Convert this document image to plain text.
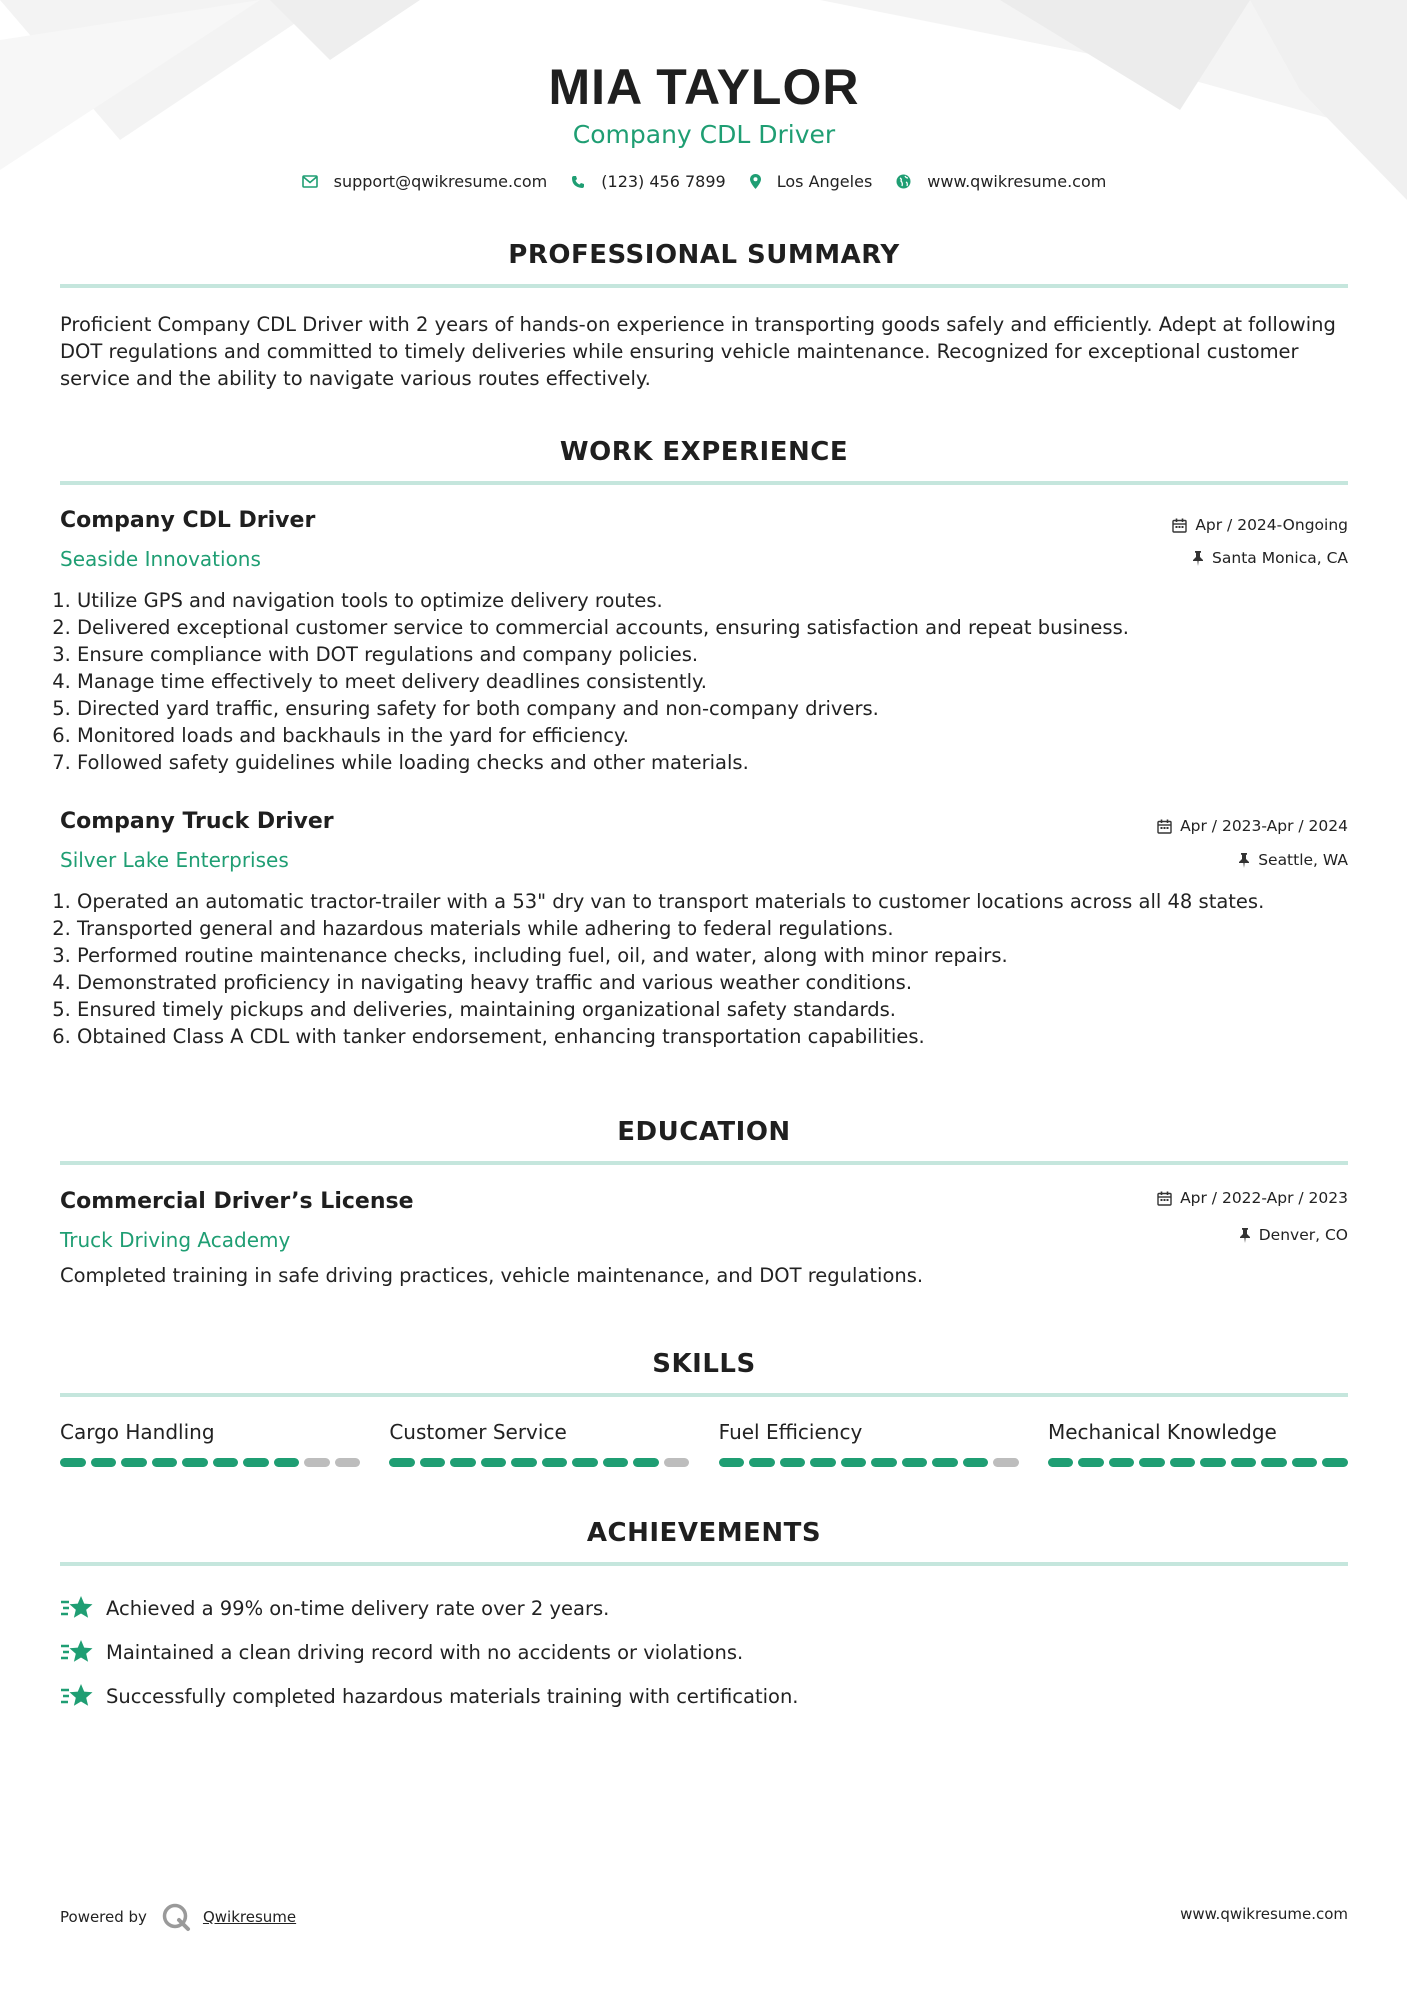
MIA TAYLOR
Company CDL Driver
support@qwikresume.com	(123) 456 7899	Los Angeles	www.qwikresume.com
PROFESSIONAL SUMMARY
Proficient Company CDL Driver with 2 years of hands-on experience in transporting goods safely and efficiently. Adept at following DOT regulations and committed to timely deliveries while ensuring vehicle maintenance. Recognized for exceptional customer service and the ability to navigate various routes effectively.
WORK EXPERIENCE
Company CDL Driver
Seaside Innovations
Apr / 2024-Ongoing
Santa Monica, CA
1. Utilize GPS and navigation tools to optimize delivery routes.
2. Delivered exceptional customer service to commercial accounts, ensuring satisfaction and repeat business.
3. Ensure compliance with DOT regulations and company policies.
4. Manage time effectively to meet delivery deadlines consistently.
5. Directed yard traffic, ensuring safety for both company and non-company drivers.
6. Monitored loads and backhauls in the yard for efficiency.
7. Followed safety guidelines while loading checks and other materials.
Company Truck Driver
Silver Lake Enterprises
Apr / 2023-Apr / 2024
Seattle, WA
1. Operated an automatic tractor-trailer with a 53" dry van to transport materials to customer locations across all 48 states.
2. Transported general and hazardous materials while adhering to federal regulations.
3. Performed routine maintenance checks, including fuel, oil, and water, along with minor repairs.
4. Demonstrated proficiency in navigating heavy traffic and various weather conditions.
5. Ensured timely pickups and deliveries, maintaining organizational safety standards.
6. Obtained Class A CDL with tanker endorsement, enhancing transportation capabilities.
EDUCATION
Commercial Driver’s License
Truck Driving Academy
Apr / 2022-Apr / 2023
Denver, CO
Completed training in safe driving practices, vehicle maintenance, and DOT regulations.
SKILLS
Cargo Handling	Customer Service	Fuel Efficiency	Mechanical Knowledge
ACHIEVEMENTS
Achieved a 99% on-time delivery rate over 2 years.
Maintained a clean driving record with no accidents or violations.
Successfully completed hazardous materials training with certification.
Powered by	Qwikresume	www.qwikresume.com
